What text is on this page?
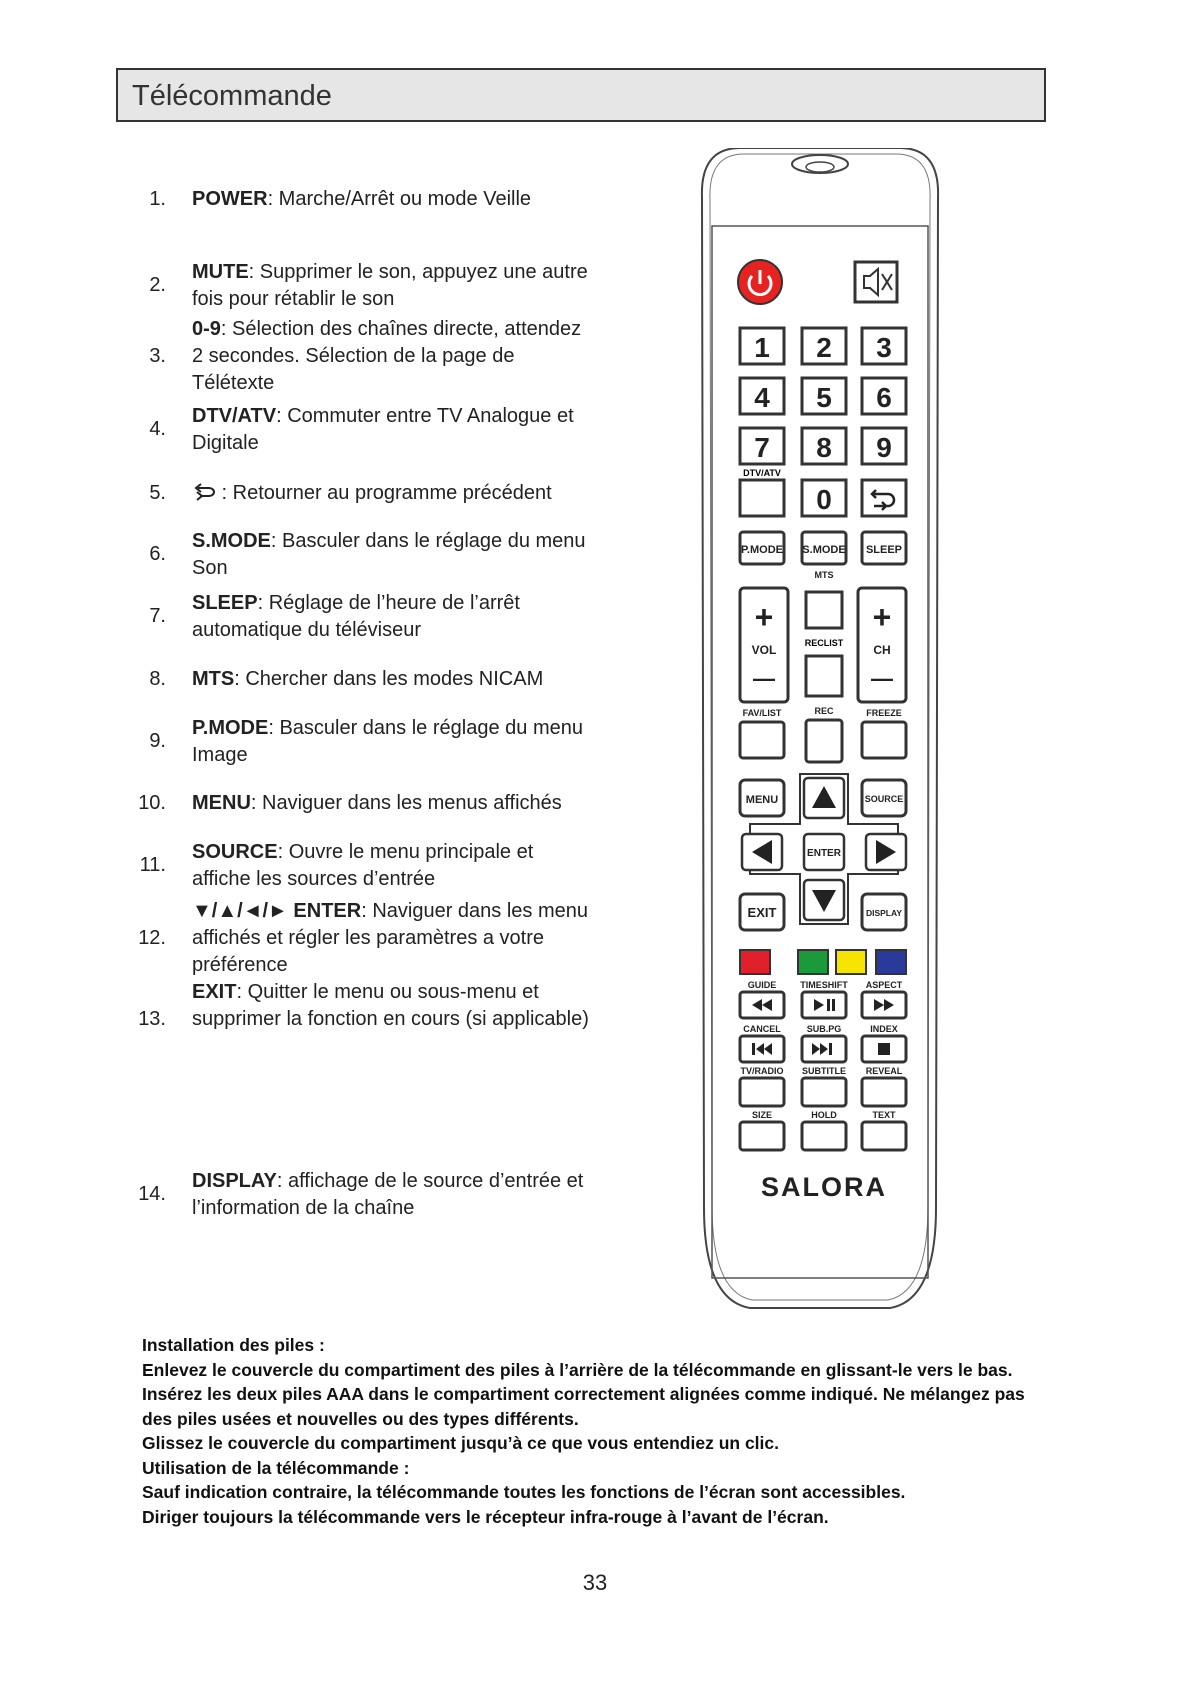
Télécommande
1. POWER: Marche/Arrêt ou mode Veille
2.
MUTE: Supprimer le son, appuyez une autre fois pour rétablir le son
3.
0-9: Sélection des chaînes directe, attendez 2 secondes. Sélection de la page de Télétexte
4.
DTV/ATV: Commuter entre TV Analogue et Digitale
5.	: Retourner au programme précédent
6.
S.MODE: Basculer dans le réglage du menu Son
7.
SLEEP: Réglage de l’heure de l’arrêt automatique du téléviseur
8. MTS: Chercher dans les modes NICAM
9.
P.MODE: Basculer dans le réglage du menu Image
10. MENU: Naviguer dans les menus affichés
11.
SOURCE: Ouvre le menu principale et affiche les sources d’entrée
12.
▼/▲/◄/► ENTER: Naviguer dans les menu affichés et régler les paramètres a votre préférence
13.
EXIT: Quitter le menu ou sous-menu et supprimer la fonction en cours (si applicable)
14.
DISPLAY: affichage de le source d’entrée et l’information de la chaîne
1 2 3
4 5 6
7 8 9
0
DTV/ATV
P.MODE S.MODE SLEEP
MTS
+
VOL
—
+
CH
—
RECLIST
FAV/LIST	REC	FREEZE
MENU	SOURCE
ENTER
EXIT	DISPLAY
GUIDE	TIMESHIFT ASPECT
CANCEL	SUB.PG	INDEX
TV/RADIO SUBTITLE REVEAL
SIZE	HOLD	TEXT
SALORA

Installation des piles :

Enlevez le couvercle du compartiment des piles à l’arrière de la télécommande en glissant-le vers le bas.

Insérez les deux piles AAA dans le compartiment correctement alignées comme indiqué. Ne mélangez pas des piles usées et nouvelles ou des types différents.

Glissez le couvercle du compartiment jusqu’à ce que vous entendiez un clic.

Utilisation de la télécommande :

Sauf indication contraire, la télécommande toutes les fonctions de l’écran sont accessibles.

Diriger toujours la télécommande vers le récepteur infra-rouge à l’avant de l’écran.

33
